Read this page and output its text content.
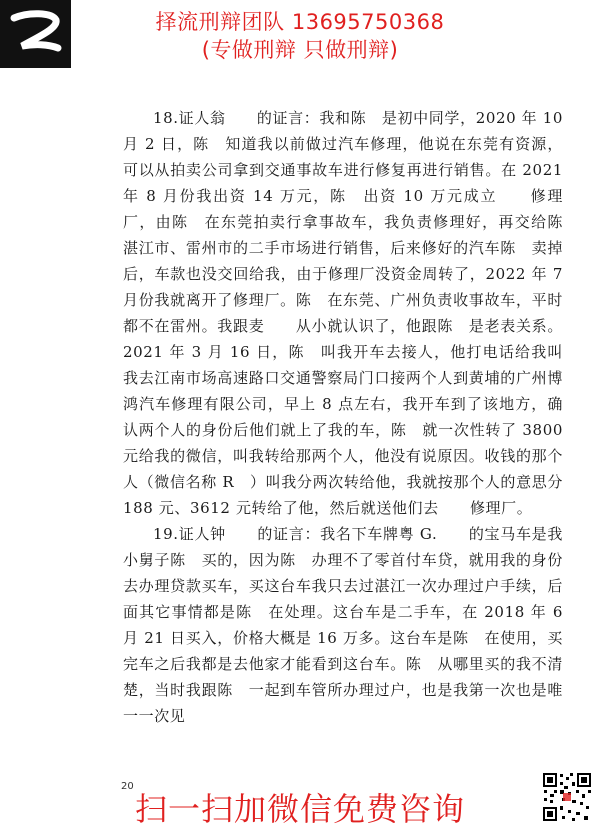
择流刑辩团队 13695750368
(专做刑辩 只做刑辩)

18.证人翁　　的证言：我和陈　是初中同学，2020 年 10 月 2 日，陈　知道我以前做过汽车修理，他说在东莞有资源，可以从拍卖公司拿到交通事故车进行修复再进行销售。在 2021 年 8 月份我出资 14 万元，陈　出资 10 万元成立　　修理厂，由陈　在东莞拍卖行拿事故车，我负责修理好，再交给陈　湛江市、雷州市的二手市场进行销售，后来修好的汽车陈　卖掉后，车款也没交回给我，由于修理厂没资金周转了，2022 年 7 月份我就离开了修理厂。陈　在东莞、广州负责收事故车，平时都不在雷州。我跟麦　　从小就认识了，他跟陈　是老表关系。2021 年 3 月 16 日，陈　叫我开车去接人，他打电话给我叫我去江南市场高速路口交通警察局门口接两个人到黄埔的广州博鸿汽车修理有限公司，早上 8 点左右，我开车到了该地方，确认两个人的身份后他们就上了我的车，陈　就一次性转了 3800 元给我的微信，叫我转给那两个人，他没有说原因。收钱的那个人（微信名称 R　）叫我分两次转给他，我就按那个人的意思分 188 元、3612 元转给了他，然后就送他们去　　修理厂。

19.证人钟　　的证言：我名下车牌粤 G.　　的宝马车是我小舅子陈　买的，因为陈　办理不了零首付车贷，就用我的身份去办理贷款买车，买这台车我只去过湛江一次办理过户手续，后面其它事情都是陈　在处理。这台车是二手车，在 2018 年 6 月 21 日买入，价格大概是 16 万多。这台车是陈　在使用，买完车之后我都是去他家才能看到这台车。陈　从哪里买的我不清楚，当时我跟陈　一起到车管所办理过户，也是我第一次也是唯一一次见

20
扫一扫加微信免费咨询
